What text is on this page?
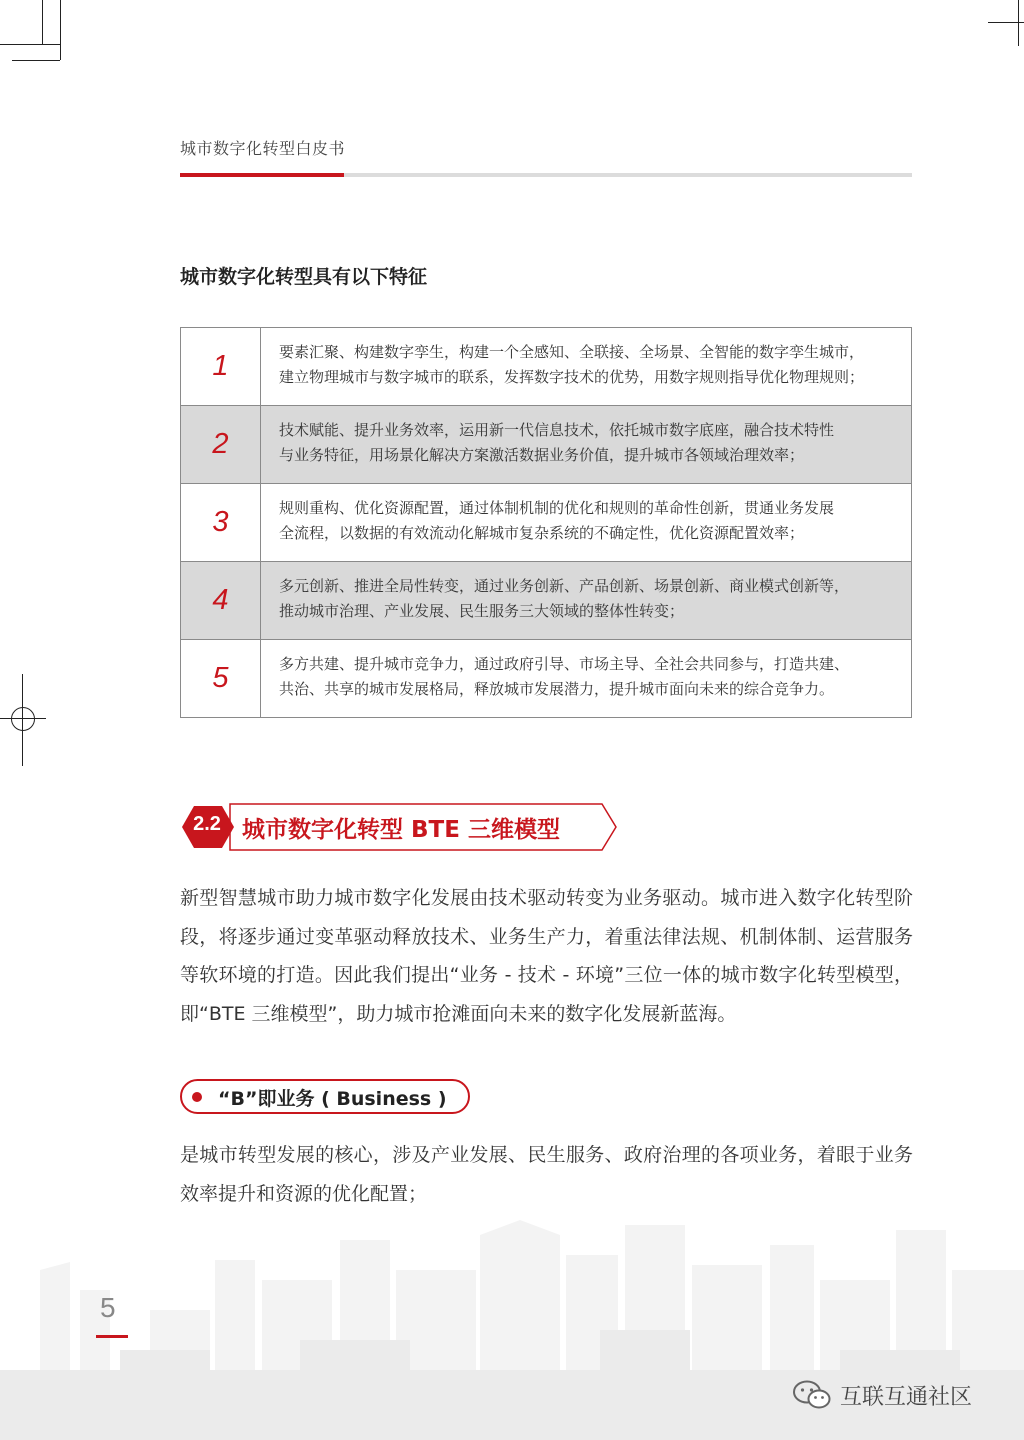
城市数字化转型白皮书
城市数字化转型具有以下特征
1	要素汇聚、构建数字孪生，构建一个全感知、全联接、全场景、全智能的数字孪生城市，
建立物理城市与数字城市的联系，发挥数字技术的优势，用数字规则指导优化物理规则；
2	技术赋能、提升业务效率，运用新一代信息技术，依托城市数字底座，融合技术特性
与业务特征，用场景化解决方案激活数据业务价值，提升城市各领域治理效率；
3	规则重构、优化资源配置，通过体制机制的优化和规则的革命性创新，贯通业务发展
全流程，以数据的有效流动化解城市复杂系统的不确定性，优化资源配置效率；
4	多元创新、推进全局性转变，通过业务创新、产品创新、场景创新、商业模式创新等，
推动城市治理、产业发展、民生服务三大领域的整体性转变；
5	多方共建、提升城市竞争力，通过政府引导、市场主导、全社会共同参与，打造共建、
共治、共享的城市发展格局，释放城市发展潜力，提升城市面向未来的综合竞争力。
2.2 城市数字化转型 BTE 三维模型
新型智慧城市助力城市数字化发展由技术驱动转变为业务驱动。城市进入数字化转型阶段，将逐步通过变革驱动释放技术、业务生产力，着重法律法规、机制体制、运营服务等软环境的打造。因此我们提出“业务 - 技术 - 环境”三位一体的城市数字化转型模型，即“BTE 三维模型”，助力城市抢滩面向未来的数字化发展新蓝海。
“B”即业务 ( Business )
是城市转型发展的核心，涉及产业发展、民生服务、政府治理的各项业务，着眼于业务效率提升和资源的优化配置；
5
互联互通社区
